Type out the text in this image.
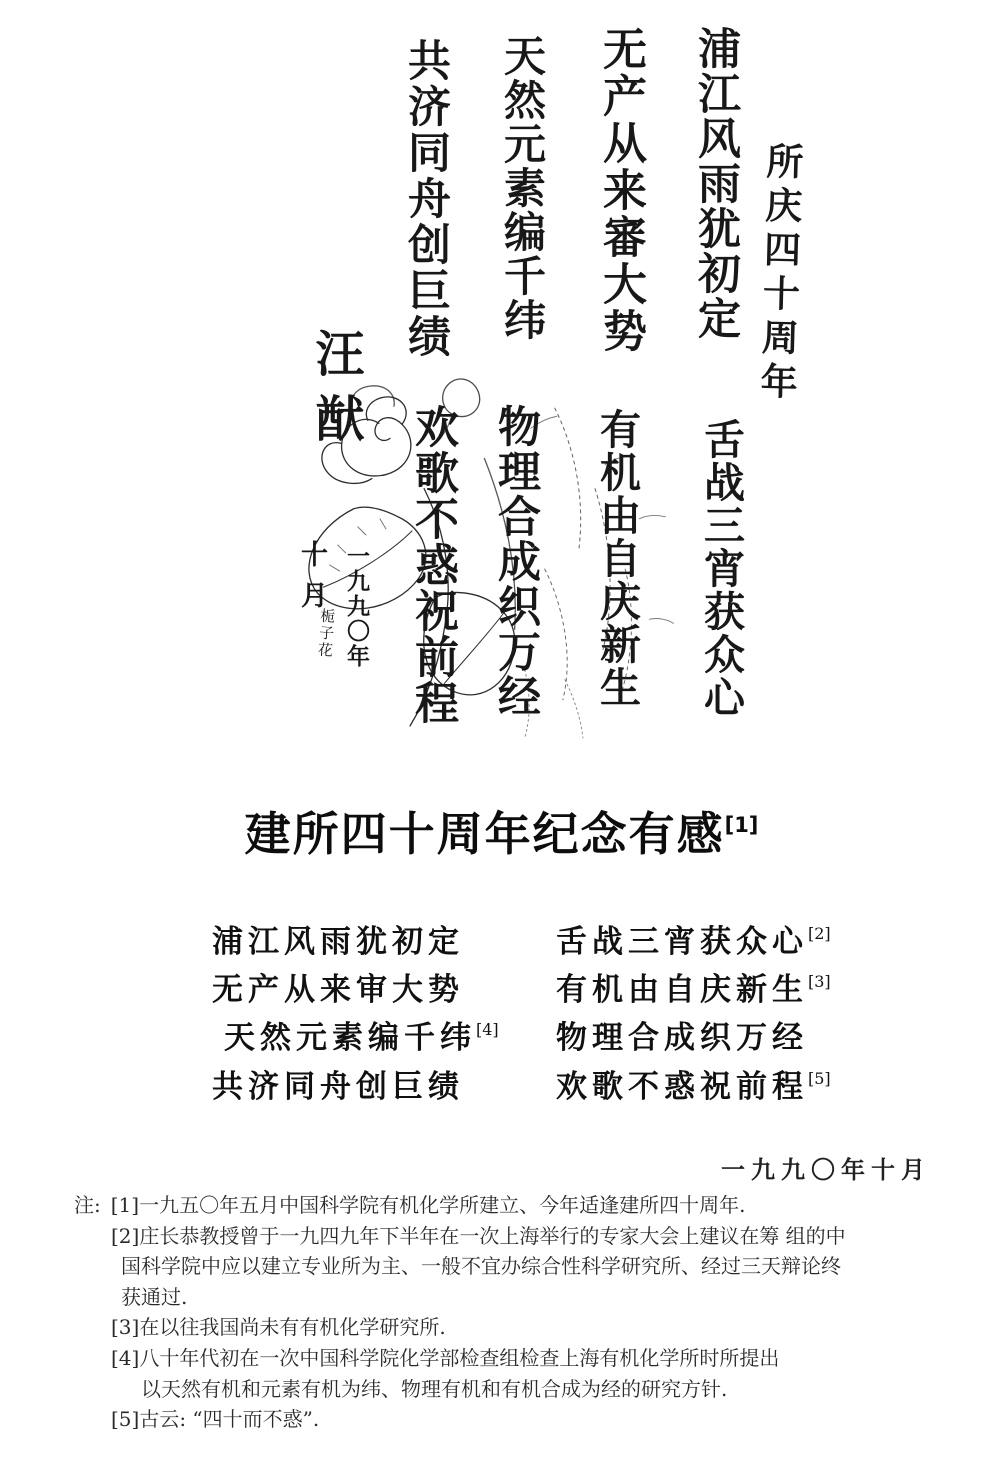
所庆四十周年
浦江风雨犹初定
舌战三宵获众心
无产从来審大势
有机由自庆新生
天然元素编千纬
物理合成织万经
共济同舟创巨绩
欢歌不惑祝前程
汪猷
一九九〇年
十月
栀子花
建所四十周年纪念有感[1]
浦江风雨犹初定	舌战三宵获众心[2]
无产从来审大势	有机由自庆新生[3]
天然元素编千纬[4] 物理合成织万经
共济同舟创巨绩	欢歌不惑祝前程[5]
一九九〇年十月
注: [1]一九五〇年五月中国科学院有机化学所建立、今年适逢建所四十周年.
[2]庄长恭教授曾于一九四九年下半年在一次上海举行的专家大会上建议在筹 组的中
国科学院中应以建立专业所为主、一般不宜办综合性科学研究所、经过三天辩论终
获通过.
[3]在以往我国尚未有有机化学研究所.
[4]八十年代初在一次中国科学院化学部检查组检查上海有机化学所时所提出
以天然有机和元素有机为纬、物理有机和有机合成为经的研究方针.
[5]古云: “四十而不惑”.
